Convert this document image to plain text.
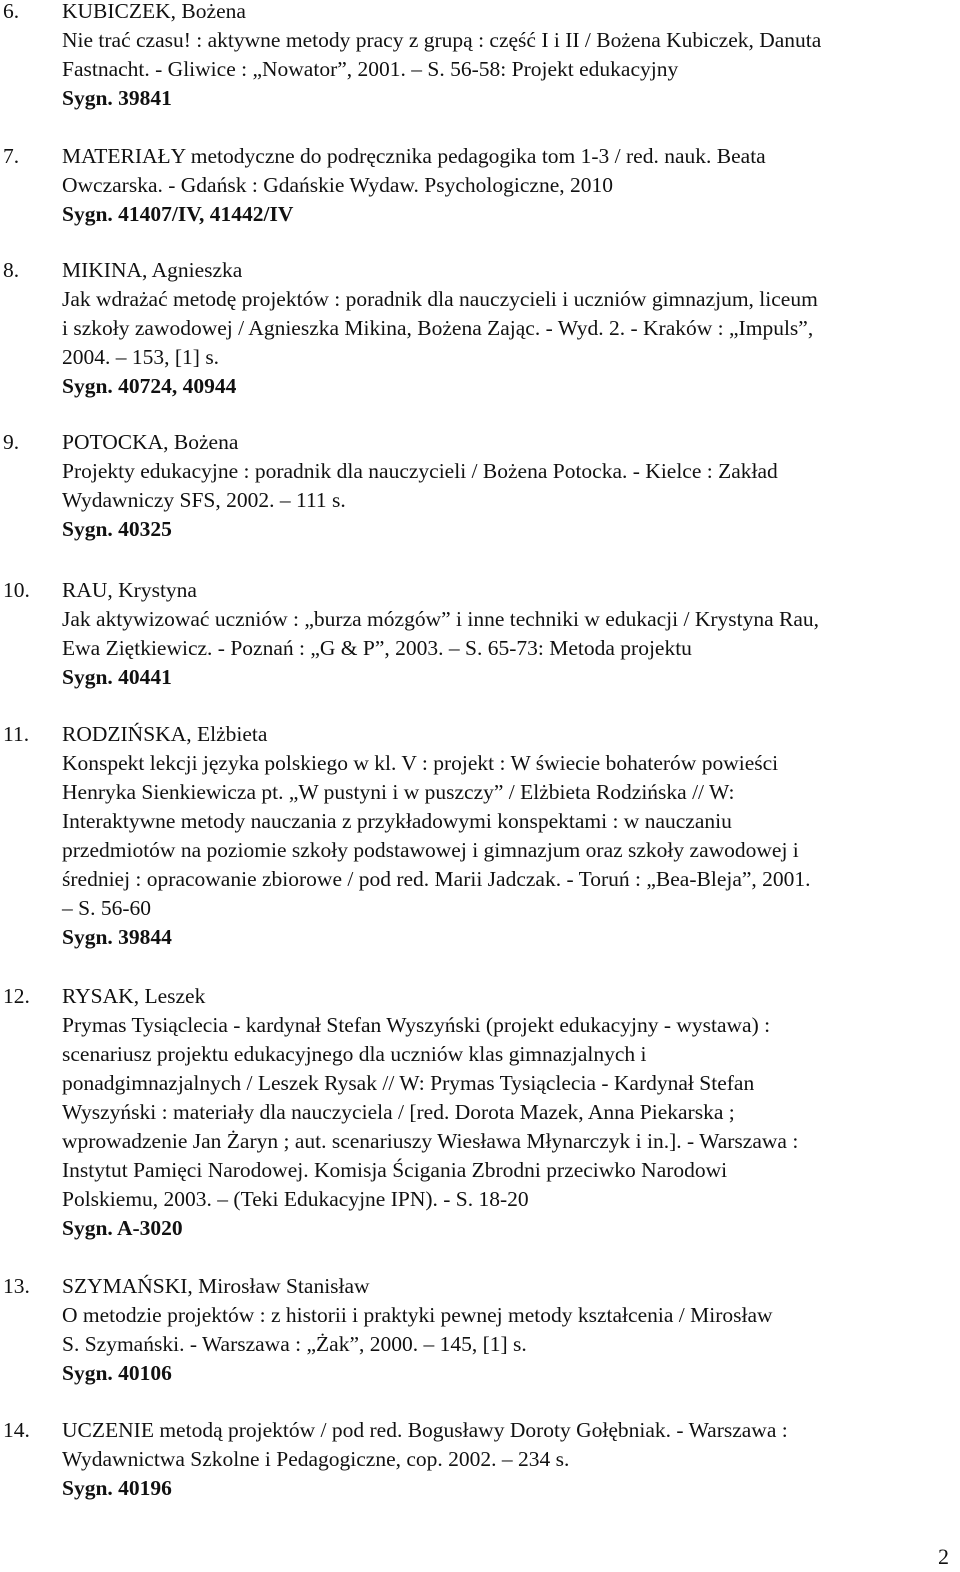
6. KUBICZEK, Bożena
Nie trać czasu! : aktywne metody pracy z grupą : część I i II / Bożena Kubiczek, Danuta
Fastnacht. - Gliwice : „Nowator”, 2001. – S. 56-58: Projekt edukacyjny
Sygn. 39841
7. MATERIAŁY metodyczne do podręcznika pedagogika tom 1-3 / red. nauk. Beata
Owczarska. - Gdańsk : Gdańskie Wydaw. Psychologiczne, 2010
Sygn. 41407/IV, 41442/IV
8. MIKINA, Agnieszka
Jak wdrażać metodę projektów : poradnik dla nauczycieli i uczniów gimnazjum, liceum
i szkoły zawodowej / Agnieszka Mikina, Bożena Zając. - Wyd. 2. - Kraków : „Impuls”,
2004. – 153, [1] s.
Sygn. 40724, 40944
9. POTOCKA, Bożena
Projekty edukacyjne : poradnik dla nauczycieli / Bożena Potocka. - Kielce : Zakład
Wydawniczy SFS, 2002. – 111 s.
Sygn. 40325
10. RAU, Krystyna
Jak aktywizować uczniów : „burza mózgów” i inne techniki w edukacji / Krystyna Rau,
Ewa Ziętkiewicz. - Poznań : „G & P”, 2003. – S. 65-73: Metoda projektu
Sygn. 40441
11. RODZIŃSKA, Elżbieta
Konspekt lekcji języka polskiego w kl. V : projekt : W świecie bohaterów powieści
Henryka Sienkiewicza pt. „W pustyni i w puszczy” / Elżbieta Rodzińska // W:
Interaktywne metody nauczania z przykładowymi konspektami : w nauczaniu
przedmiotów na poziomie szkoły podstawowej i gimnazjum oraz szkoły zawodowej i
średniej : opracowanie zbiorowe / pod red. Marii Jadczak. - Toruń : „Bea-Bleja”, 2001.
– S. 56-60
Sygn. 39844
12. RYSAK, Leszek
Prymas Tysiąclecia - kardynał Stefan Wyszyński (projekt edukacyjny - wystawa) :
scenariusz projektu edukacyjnego dla uczniów klas gimnazjalnych i
ponadgimnazjalnych / Leszek Rysak // W: Prymas Tysiąclecia - Kardynał Stefan
Wyszyński : materiały dla nauczyciela / [red. Dorota Mazek, Anna Piekarska ;
wprowadzenie Jan Żaryn ; aut. scenariuszy Wiesława Młynarczyk i in.]. - Warszawa :
Instytut Pamięci Narodowej. Komisja Ścigania Zbrodni przeciwko Narodowi
Polskiemu, 2003. – (Teki Edukacyjne IPN). - S. 18-20
Sygn. A-3020
13. SZYMAŃSKI, Mirosław Stanisław
O metodzie projektów : z historii i praktyki pewnej metody kształcenia / Mirosław
S. Szymański. - Warszawa : „Żak”, 2000. – 145, [1] s.
Sygn. 40106
14. UCZENIE metodą projektów / pod red. Bogusławy Doroty Gołębniak. - Warszawa :
Wydawnictwa Szkolne i Pedagogiczne, cop. 2002. – 234 s.
Sygn. 40196
2
